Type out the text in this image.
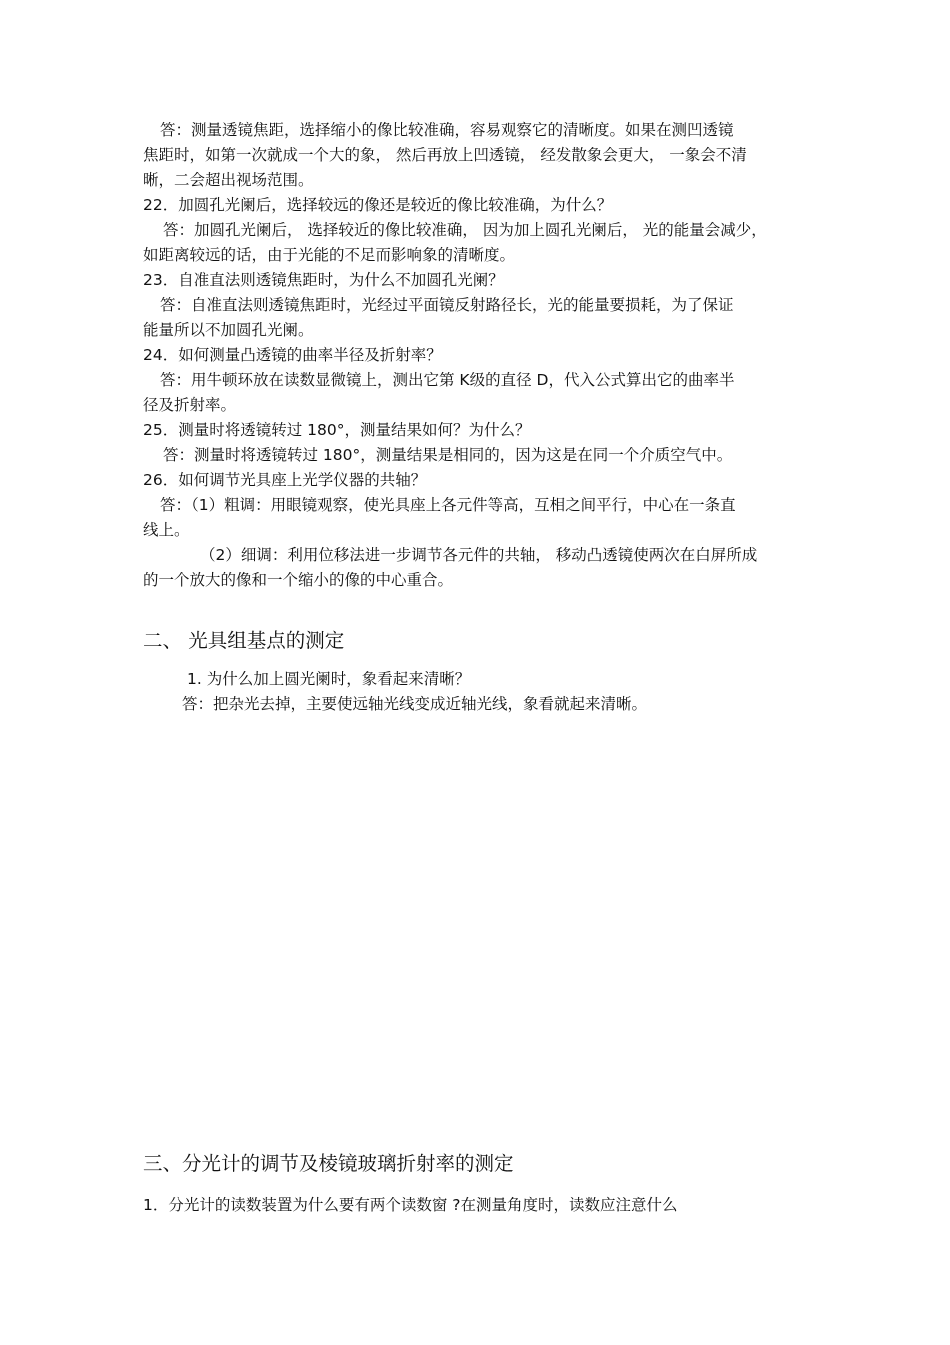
答：测量透镜焦距，选择缩小的像比较准确，容易观察它的清晰度。如果在测凹透镜
焦距时，如第一次就成一个大的象， 然后再放上凹透镜， 经发散象会更大， 一象会不清
晰，二会超出视场范围。
22．加圆孔光阑后，选择较远的像还是较近的像比较准确，为什么？
答：加圆孔光阑后， 选择较近的像比较准确， 因为加上圆孔光阑后， 光的能量会减少，
如距离较远的话，由于光能的不足而影响象的清晰度。
23．自准直法则透镜焦距时，为什么不加圆孔光阑？
答：自准直法则透镜焦距时，光经过平面镜反射路径长，光的能量要损耗，为了保证
能量所以不加圆孔光阑。
24．如何测量凸透镜的曲率半径及折射率？
答：用牛顿环放在读数显微镜上，测出它第 K级的直径 D，代入公式算出它的曲率半
径及折射率。
25．测量时将透镜转过 180°，测量结果如何？为什么？
答：测量时将透镜转过 180°，测量结果是相同的，因为这是在同一个介质空气中。
26．如何调节光具座上光学仪器的共轴？
答：（1）粗调：用眼镜观察，使光具座上各元件等高，互相之间平行，中心在一条直
线上。
（2）细调：利用位移法进一步调节各元件的共轴， 移动凸透镜使两次在白屏所成
的一个放大的像和一个缩小的像的中心重合。
二、 光具组基点的测定
1. 为什么加上圆光阑时，象看起来清晰？
答：把杂光去掉，主要使远轴光线变成近轴光线，象看就起来清晰。
三、分光计的调节及棱镜玻璃折射率的测定
1．分光计的读数装置为什么要有两个读数窗 ?在测量角度时，读数应注意什么
